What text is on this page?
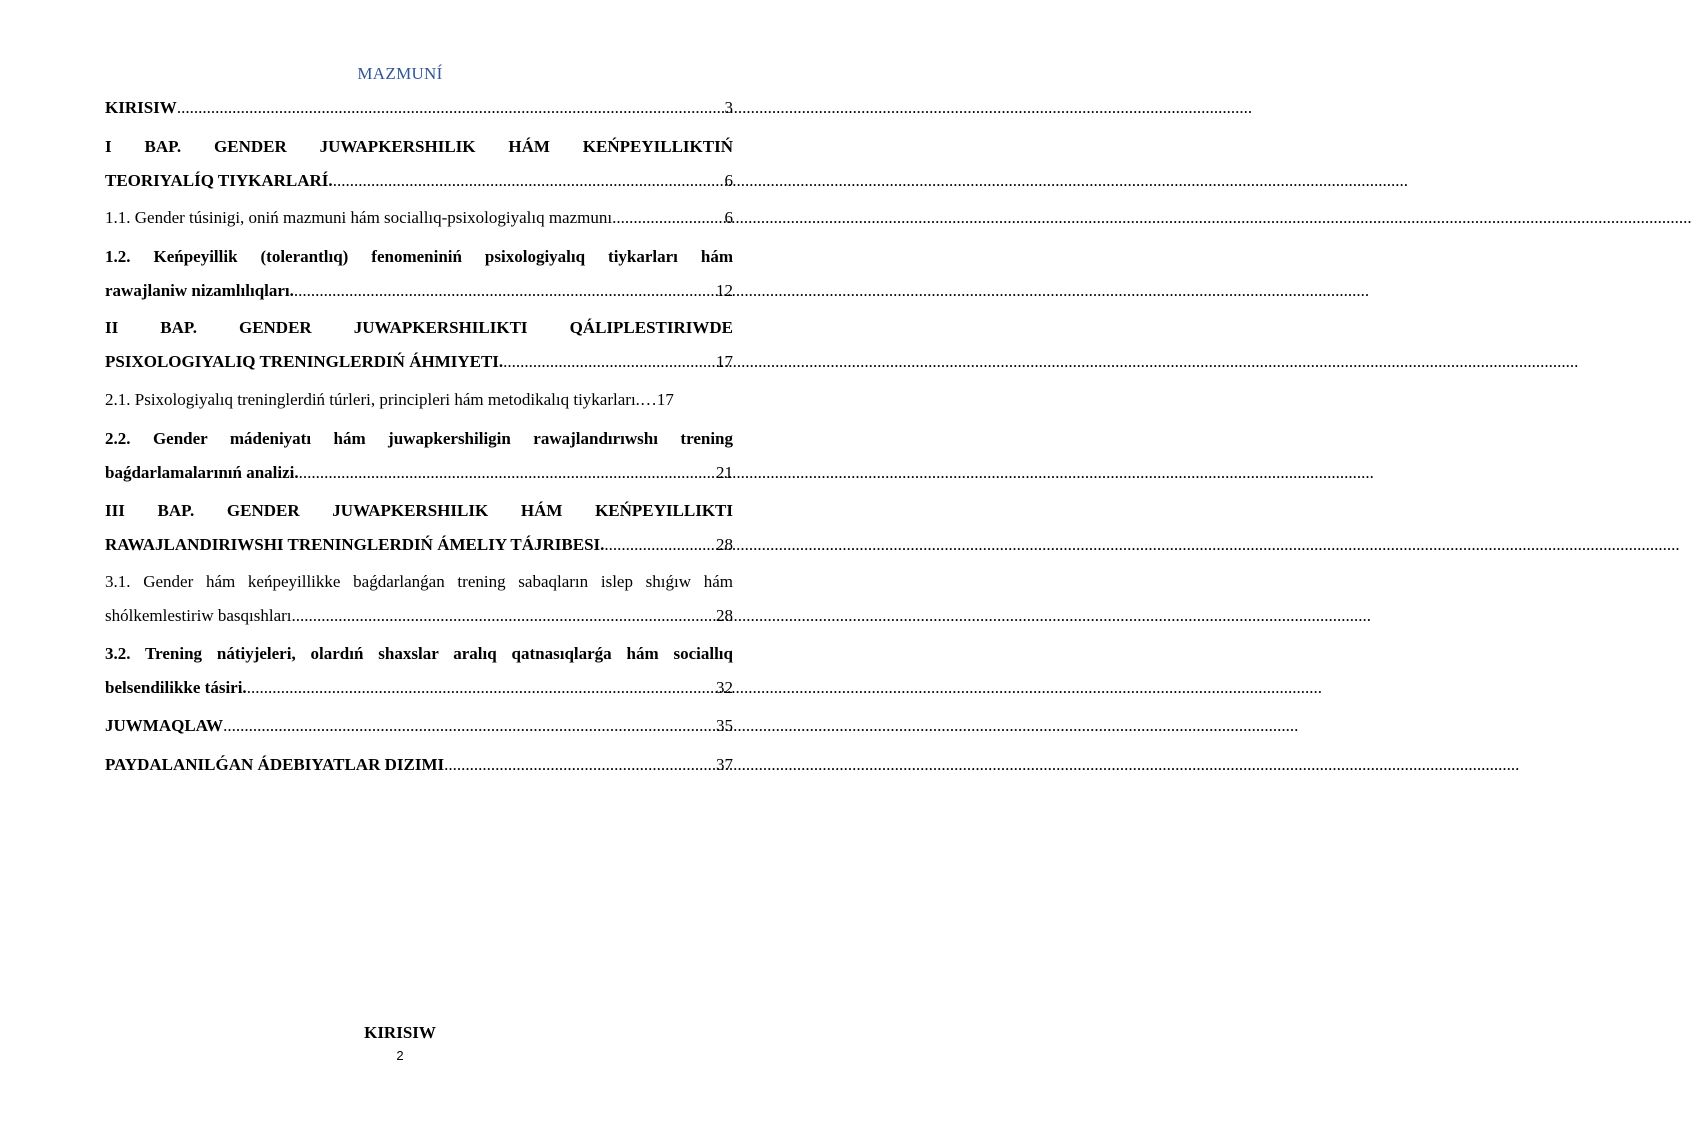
MAZMUNÍ
KIRISIW .....	3
I BAP. GENDER JUWAPKERSHILIK HÁM KEŃPEYILLIKTIŃ
TEORIYALÍQ TIYKARLARÍ. .....	6
1.1. Gender túsinigi, oniń mazmuni hám sociallıq-psixologiyalıq mazmunı. .....	6
1.2. Keńpeyillik (tolerantlıq) fenomeniniń psixologiyalıq tiykarları hám
rawajlaniw nizamlılıqları. .....	12
II BAP. GENDER JUWAPKERSHILIKTI QÁLIPLESTIRIWDE
PSIXOLOGIYALIQ TRENINGLERDIŃ ÁHMIYETI. .....	17
2.1. Psixologiyalıq treninglerdiń túrleri, principleri hám metodikalıq tiykarları.… 17
2.2. Gender mádeniyatı hám juwapkershiligin rawajlandırıwshı trening
baǵdarlamalarınıń analizi. .....	21
III BAP. GENDER JUWAPKERSHILIK HÁM KEŃPEYILLIKTI
RAWAJLANDIRIWSHI TRENINGLERDIŃ ÁMELIY TÁJRIBESI. .....	28
3.1. Gender hám keńpeyillikke baǵdarlanǵan trening sabaqların islep shıǵıw hám
shólkemlestiriw basqıshları. .....	28
3.2. Trening nátiyjeleri, olardıń shaxslar aralıq qatnasıqlarǵa hám sociallıq
belsendilikke tásiri. .....	32
JUWMAQLAW .....	35
PAYDALANILǴAN ÁDEBIYATLAR DIZIMI .....	37
KIRISIW
2
